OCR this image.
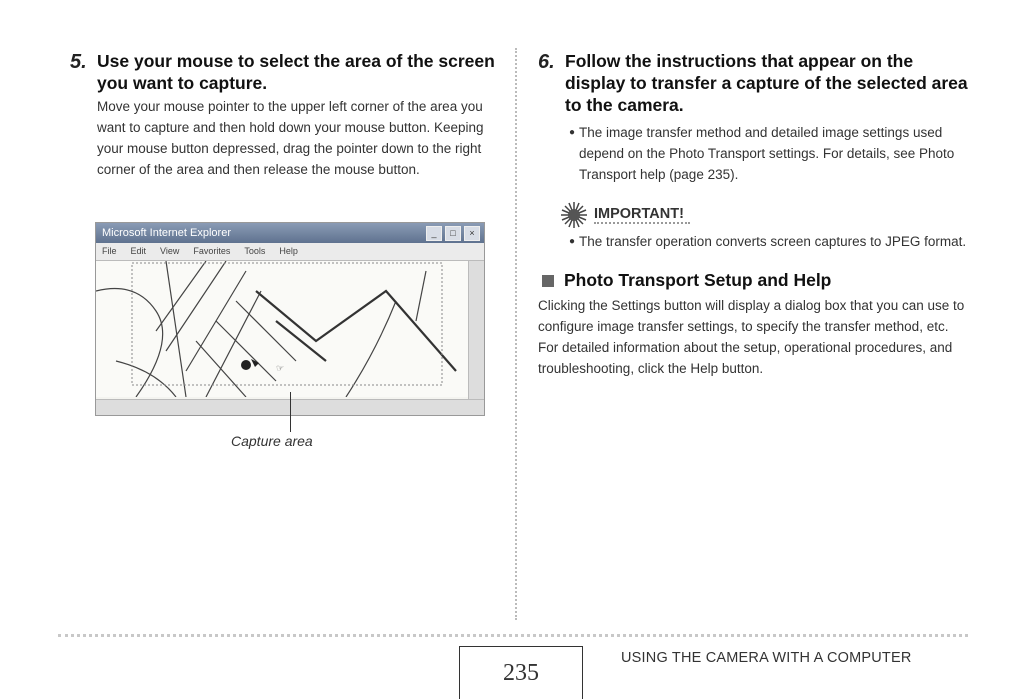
5. Use your mouse to select the area of the screen you want to capture.
Move your mouse pointer to the upper left corner of the area you want to capture and then hold down your mouse button. Keeping your mouse button depressed, drag the pointer down to the right corner of the area and then release the mouse button.
Microsoft Internet Explorer	_	□	×
File Edit View Favorites Tools Help
☞
Capture area
6. Follow the instructions that appear on the display to transfer a capture of the selected area to the camera.
● The image transfer method and detailed image settings used depend on the Photo Transport settings. For details, see Photo Transport help (page 235).
IMPORTANT!
● The transfer operation converts screen captures to JPEG format.
Photo Transport Setup and Help
Clicking the Settings button will display a dialog box that you can use to configure image transfer settings, to specify the transfer method, etc. For detailed information about the setup, operational procedures, and troubleshooting, click the Help button.
235
USING THE CAMERA WITH A COMPUTER
